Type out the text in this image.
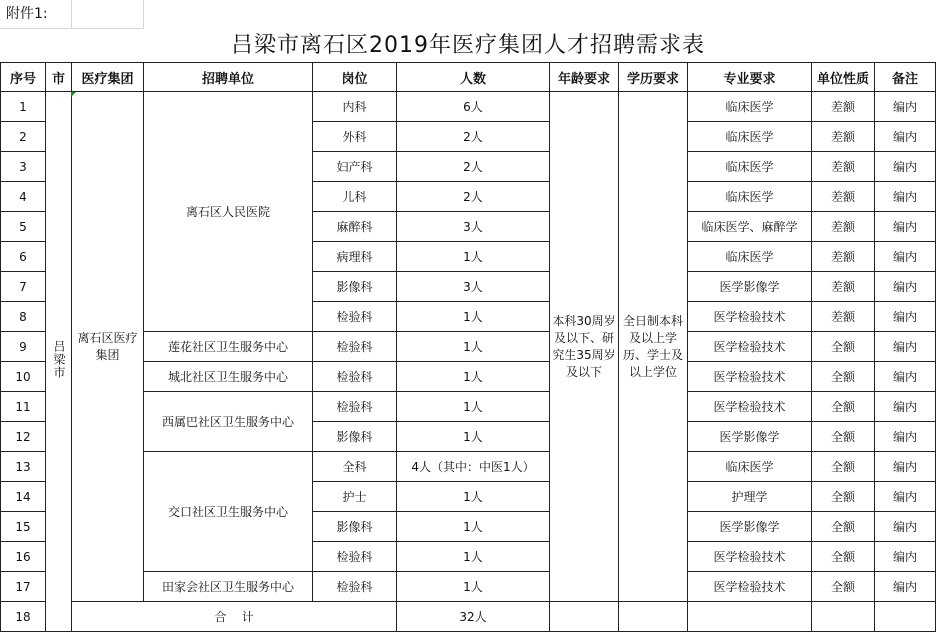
附件1:
吕梁市离石区2019年医疗集团人才招聘需求表
序号	市	医疗集团	招聘单位	岗位	人数	年龄要求	学历要求	专业要求	单位性质	备注
1	吕梁市	离石区医疗集团	离石区人民医院	内科	6人	本科30周岁及以下、研究生35周岁及以下	全日制本科及以上学历、学士及以上学位	临床医学	差额	编内
2				外科	2人			临床医学	差额	编内
3				妇产科	2人			临床医学	差额	编内
4				儿科	2人			临床医学	差额	编内
5				麻醉科	3人			临床医学、麻醉学	差额	编内
6				病理科	1人			临床医学	差额	编内
7				影像科	3人			医学影像学	差额	编内
8				检验科	1人			医学检验技术	差额	编内
9			莲花社区卫生服务中心	检验科	1人			医学检验技术	全额	编内
10			城北社区卫生服务中心	检验科	1人			医学检验技术	全额	编内
11			西属巴社区卫生服务中心	检验科	1人			医学检验技术	全额	编内
12				影像科	1人			医学影像学	全额	编内
13			交口社区卫生服务中心	全科	4人（其中：中医1人）			临床医学	全额	编内
14				护士	1人			护理学	全额	编内
15				影像科	1人			医学影像学	全额	编内
16				检验科	1人			医学检验技术	全额	编内
17			田家会社区卫生服务中心	检验科	1人			医学检验技术	全额	编内
18		合    计			32人					
